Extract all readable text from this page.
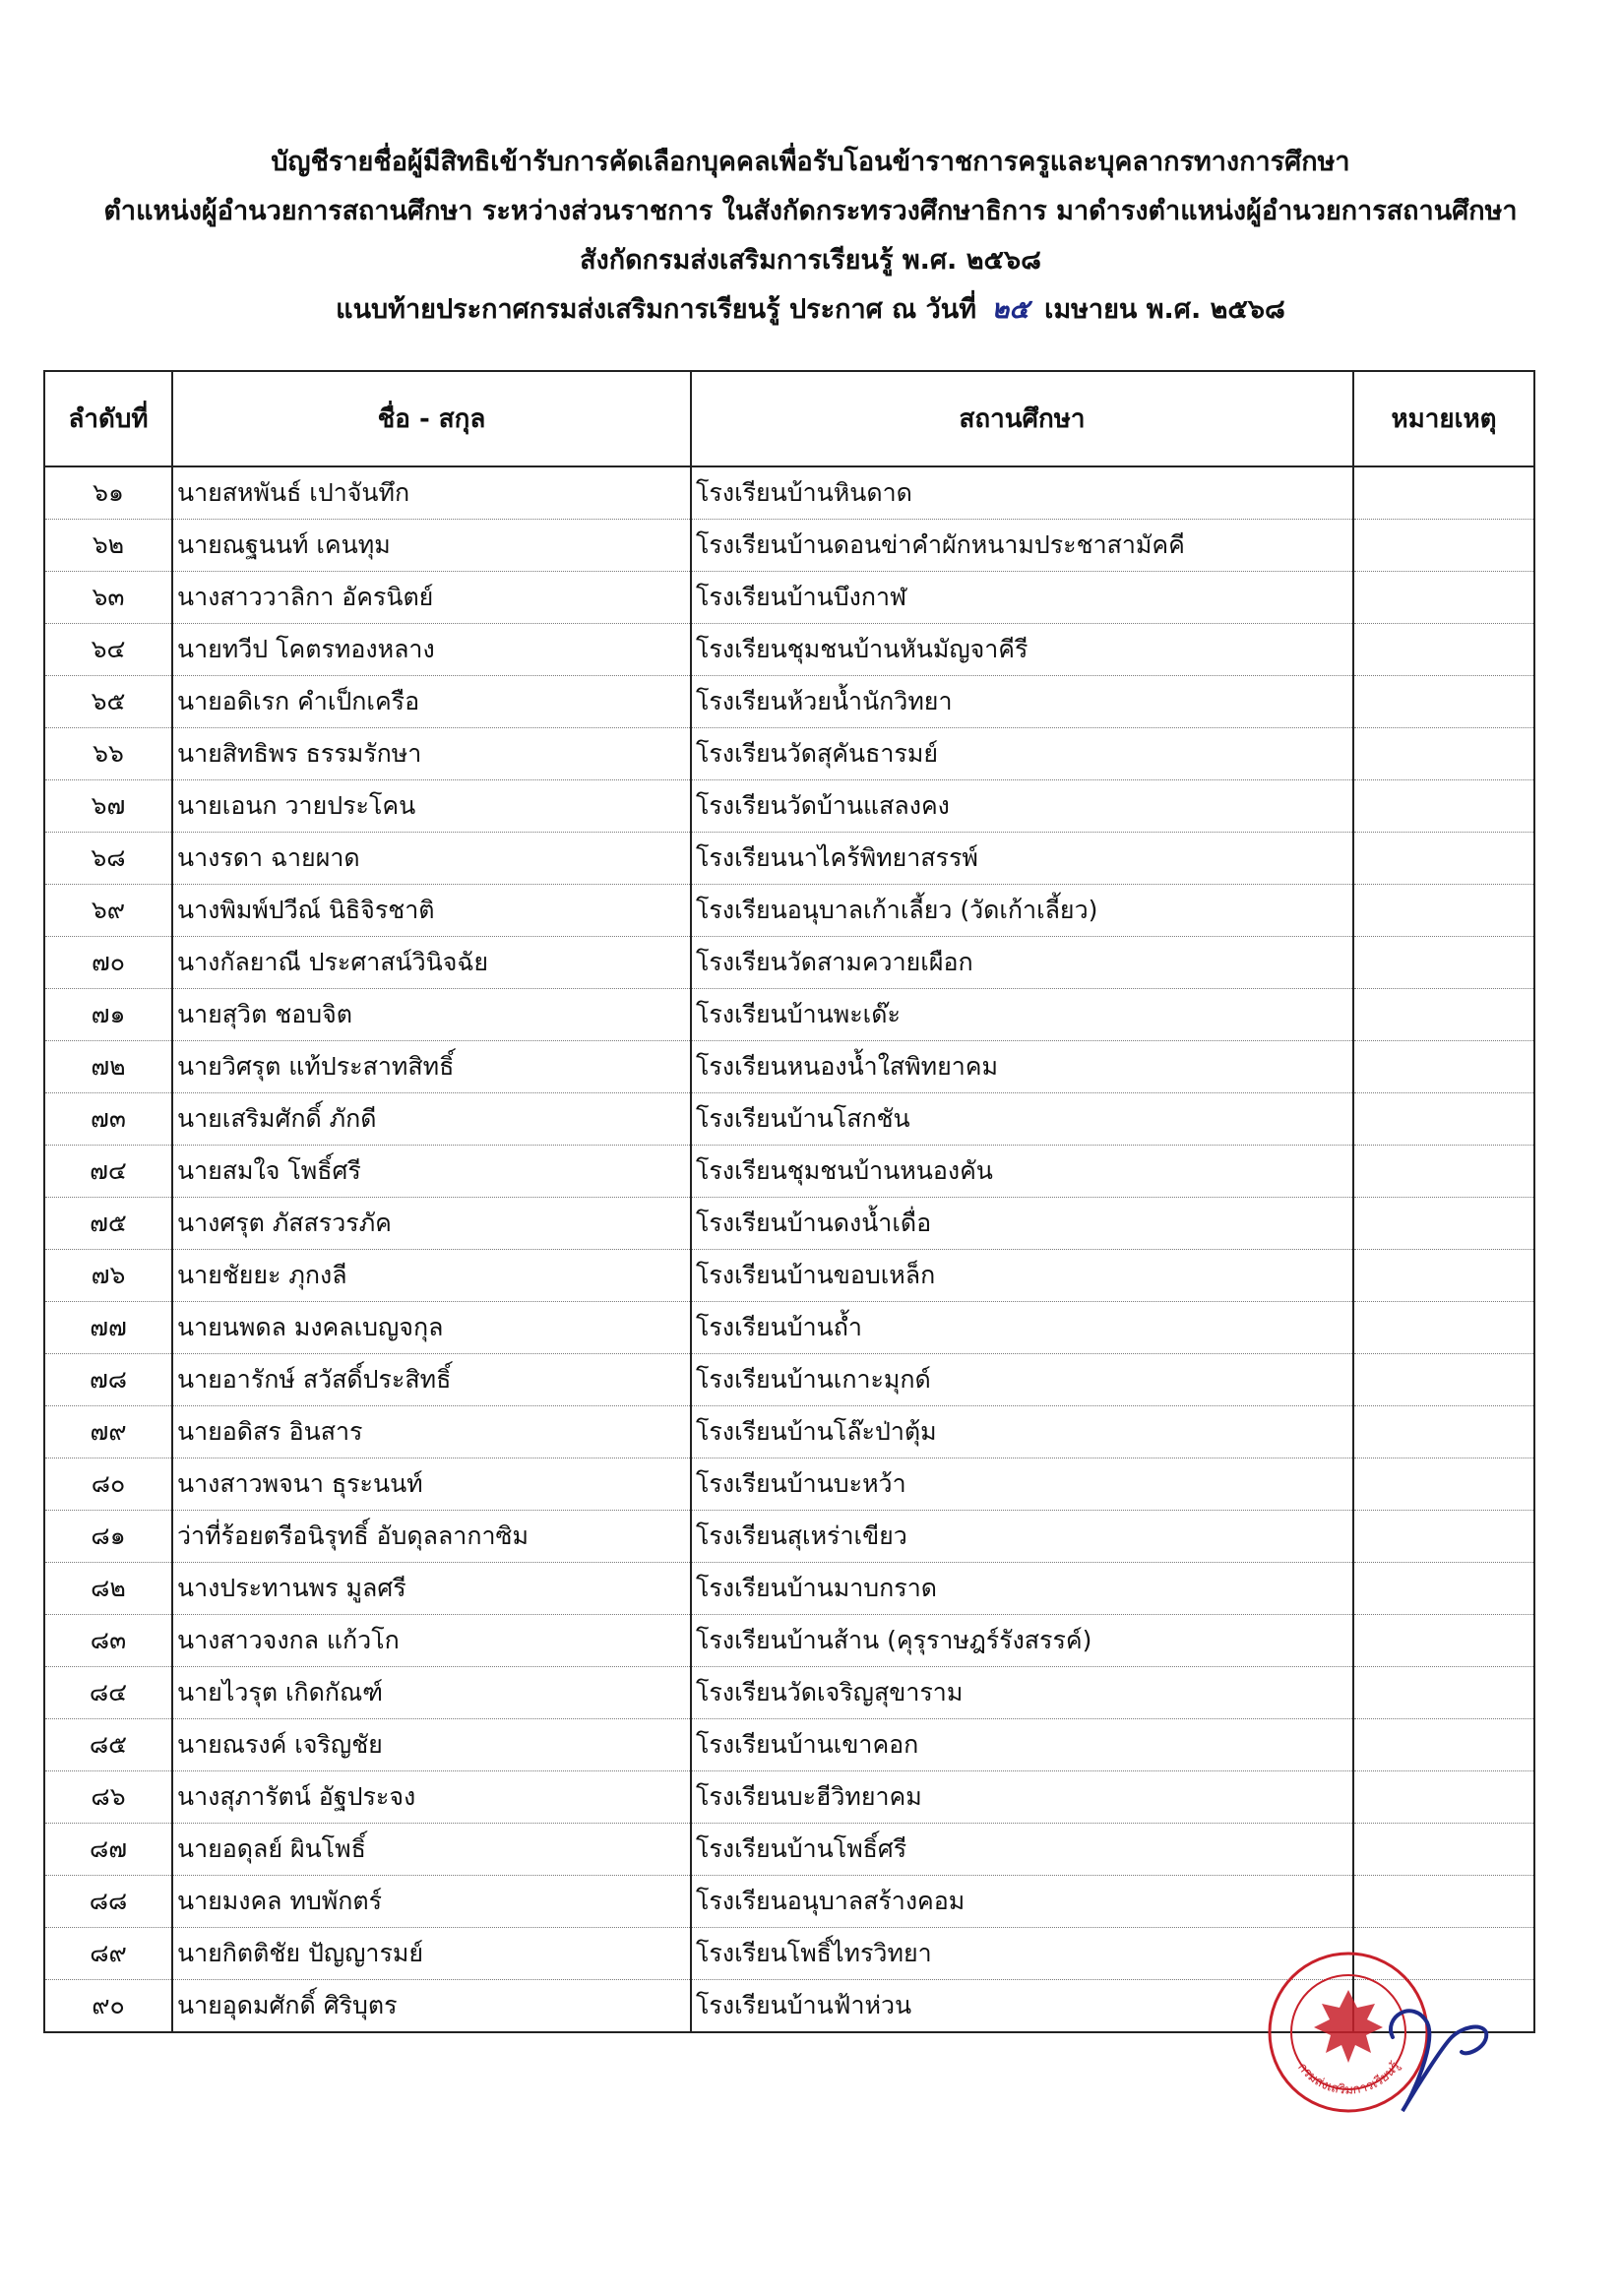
บัญชีรายชื่อผู้มีสิทธิเข้ารับการคัดเลือกบุคคลเพื่อรับโอนข้าราชการครูและบุคลากรทางการศึกษา
ตำแหน่งผู้อำนวยการสถานศึกษา ระหว่างส่วนราชการ ในสังกัดกระทรวงศึกษาธิการ มาดำรงตำแหน่งผู้อำนวยการสถานศึกษา
สังกัดกรมส่งเสริมการเรียนรู้ พ.ศ. ๒๕๖๘
แนบท้ายประกาศกรมส่งเสริมการเรียนรู้ ประกาศ ณ วันที่ ๒๕ เมษายน พ.ศ. ๒๕๖๘
ลำดับที่	ชื่อ - สกุล	สถานศึกษา	หมายเหตุ
๖๑	นายสหพันธ์ เปาจันทึก	โรงเรียนบ้านหินดาด	
๖๒	นายณฐนนท์ เคนทุม	โรงเรียนบ้านดอนข่าคำผักหนามประชาสามัคคี	
๖๓	นางสาววาลิกา อัครนิตย์	โรงเรียนบ้านบึงกาฬ	
๖๔	นายทวีป โคตรทองหลาง	โรงเรียนชุมชนบ้านหันมัญจาคีรี	
๖๕	นายอดิเรก คำเป็กเครือ	โรงเรียนห้วยน้ำนักวิทยา	
๖๖	นายสิทธิพร ธรรมรักษา	โรงเรียนวัดสุคันธารมย์	
๖๗	นายเอนก วายประโคน	โรงเรียนวัดบ้านแสลงคง	
๖๘	นางรดา ฉายผาด	โรงเรียนนาไคร้พิทยาสรรพ์	
๖๙	นางพิมพ์ปวีณ์ นิธิจิรชาติ	โรงเรียนอนุบาลเก้าเลี้ยว (วัดเก้าเลี้ยว)	
๗๐	นางกัลยาณี ประศาสน์วินิจฉัย	โรงเรียนวัดสามควายเผือก	
๗๑	นายสุวิต ชอบจิต	โรงเรียนบ้านพะเด๊ะ	
๗๒	นายวิศรุต แท้ประสาทสิทธิ์	โรงเรียนหนองน้ำใสพิทยาคม	
๗๓	นายเสริมศักดิ์ ภักดี	โรงเรียนบ้านโสกชัน	
๗๔	นายสมใจ โพธิ์ศรี	โรงเรียนชุมชนบ้านหนองคัน	
๗๕	นางศรุต ภัสสรวรภัค	โรงเรียนบ้านดงน้ำเดื่อ	
๗๖	นายชัยยะ ภุกงลี	โรงเรียนบ้านขอบเหล็ก	
๗๗	นายนพดล มงคลเบญจกุล	โรงเรียนบ้านถ้ำ	
๗๘	นายอารักษ์ สวัสดิ์ประสิทธิ์	โรงเรียนบ้านเกาะมุกด์	
๗๙	นายอดิสร อินสาร	โรงเรียนบ้านโล๊ะป่าตุ้ม	
๘๐	นางสาวพจนา ธุระนนท์	โรงเรียนบ้านบะหว้า	
๘๑	ว่าที่ร้อยตรีอนิรุทธิ์ อับดุลลากาซิม	โรงเรียนสุเหร่าเขียว	
๘๒	นางประทานพร มูลศรี	โรงเรียนบ้านมาบกราด	
๘๓	นางสาวจงกล แก้วโก	โรงเรียนบ้านส้าน (คุรุราษฎร์รังสรรค์)	
๘๔	นายไวรุต เกิดกัณฑ์	โรงเรียนวัดเจริญสุขาราม	
๘๕	นายณรงค์ เจริญชัย	โรงเรียนบ้านเขาคอก	
๘๖	นางสุภารัตน์ อัฐประจง	โรงเรียนบะฮีวิทยาคม	
๘๗	นายอดุลย์ ผินโพธิ์	โรงเรียนบ้านโพธิ์ศรี	
๘๘	นายมงคล ทบพักตร์	โรงเรียนอนุบาลสร้างคอม	
๘๙	นายกิตติชัย ปัญญารมย์	โรงเรียนโพธิ์ไทรวิทยา	
๙๐	นายอุดมศักดิ์ ศิริบุตร	โรงเรียนบ้านฟ้าห่วน	
กรมส่งเสริมการเรียนรู้
